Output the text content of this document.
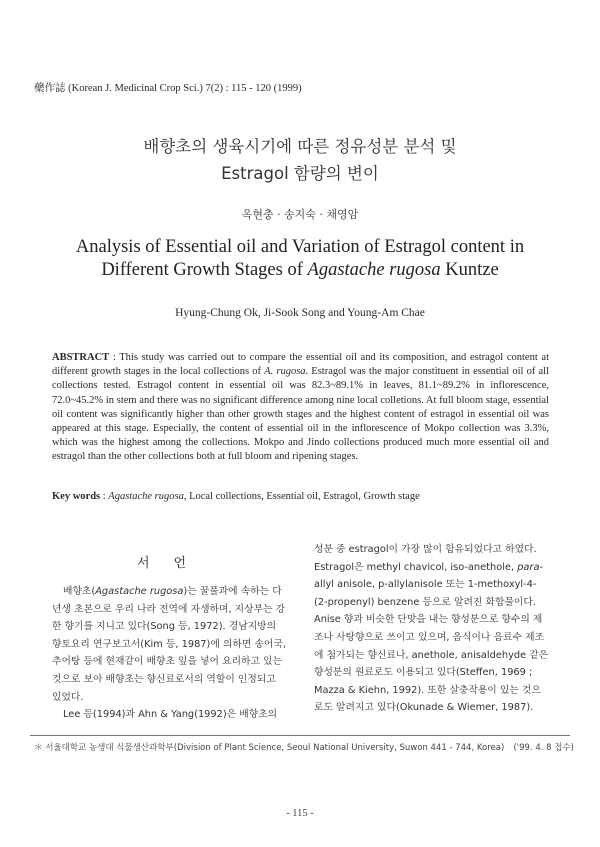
藥作誌 (Korean J. Medicinal Crop Sci.) 7(2) : 115 - 120 (1999)
배향초의 생육시기에 따른 정유성분 분석 및
Estragol 함량의 변이
옥현충 · 송지숙 · 채영암
Analysis of Essential oil and Variation of Estragol content in
Different Growth Stages of Agastache rugosa Kuntze
Hyung-Chung Ok, Ji-Sook Song and Young-Am Chae
ABSTRACT : This study was carried out to compare the essential oil and its composition, and estragol content at different growth stages in the local collections of A. rugosa. Estragol was the major constituent in essential oil of all collections tested. Estragol content in essential oil was 82.3~89.1% in leaves, 81.1~89.2% in inflorescence, 72.0~45.2% in stem and there was no significant difference among nine local colletions. At full bloom stage, essential oil content was significantly higher than other growth stages and the highest content of estragol in essential oil was appeared at this stage. Especially, the content of essential oil in the inflorescence of Mokpo collection was 3.3%, which was the highest among the collections. Mokpo and Jindo collections produced much more essential oil and estragol than the other collections both at full bloom and ripening stages.
Key words : Agastache rugosa, Local collections, Essential oil, Estragol, Growth stage
서언

배향초(Agastache rugosa)는 꿀풀과에 속하는 다년생 초본으로 우리 나라 전역에 자생하며, 지상부는 강한 향기를 지니고 있다(Song 등, 1972). 경남지방의 향토요리 연구보고서(Kim 등, 1987)에 의하면 송어국, 추어탕 등에 현재같이 배향초 잎을 넣어 요리하고 있는 것으로 보아 배향초는 향신료로서의 역할이 인정되고 있었다.

Lee 등(1994)과 Ahn & Yang(1992)은 배향초의

성분 중 estragol이 가장 많이 함유되었다고 하였다. Estragol은 methyl chavicol, iso-anethole, para-allyl anisole, p-allylanisole 또는 1-methoxyl-4-(2-propenyl) benzene 등으로 알려진 화합물이다. Anise 향과 비슷한 단맛을 내는 향성분으로 향수의 제조나 사탕향으로 쓰이고 있으며, 음식이나 음료수 제조에 첨가되는 향신료나, anethole, anisaldehyde 같은 향성분의 원료로도 이용되고 있다(Steffen, 1969 ; Mazza & Kiehn, 1992). 또한 살충작용이 있는 것으로도 알려지고 있다(Okunade & Wiemer, 1987).

＊ 서울대학교 농생대 식물생산과학부(Division of Plant Science, Seoul National University, Suwon 441 - 744, Korea) ('99. 4. 8 접수)
- 115 -
